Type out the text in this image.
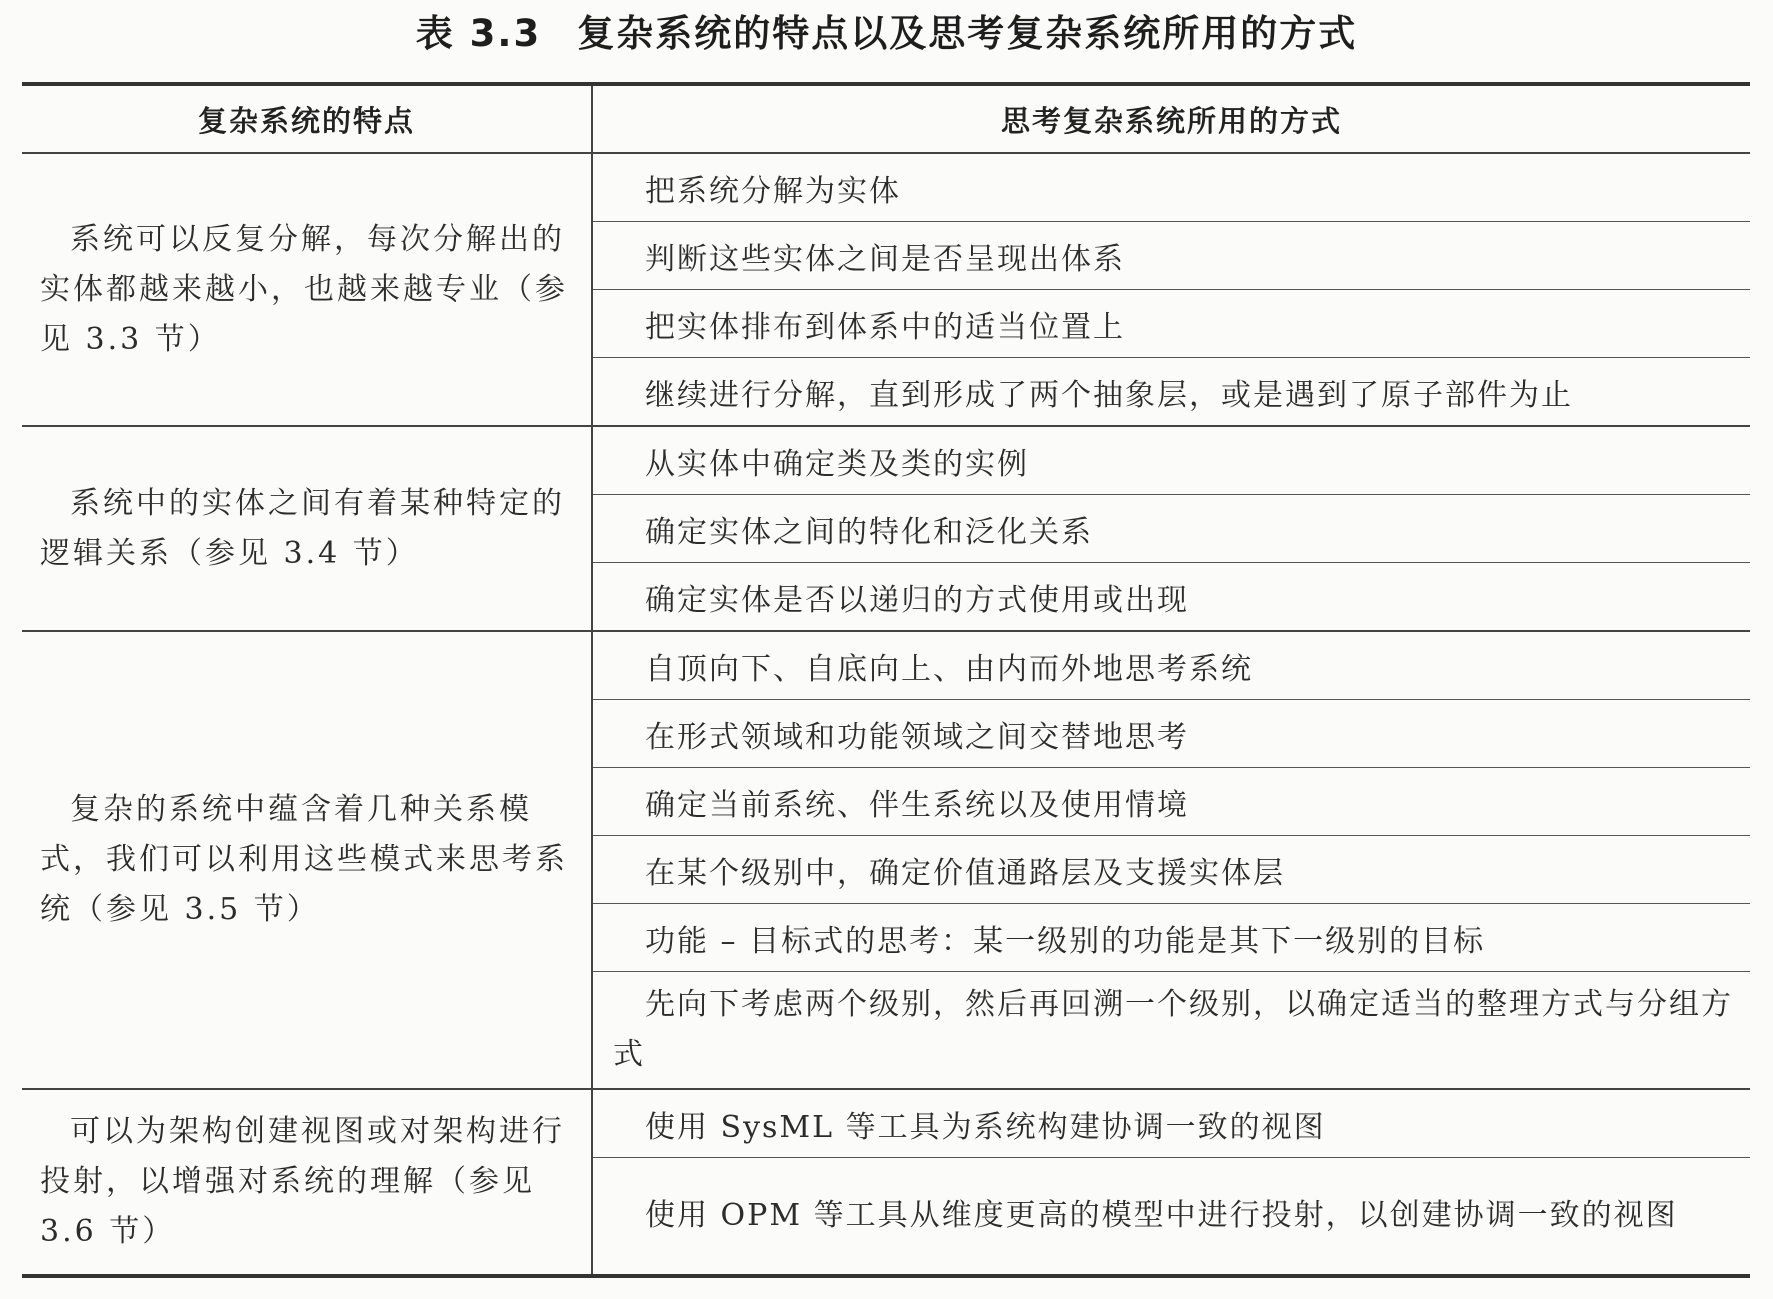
表 3.3 复杂系统的特点以及思考复杂系统所用的方式
复杂系统的特点	思考复杂系统所用的方式
系统可以反复分解，每次分解出的实体都越来越小，也越来越专业（参见 3.3 节）	把系统分解为实体
	判断这些实体之间是否呈现出体系
	把实体排布到体系中的适当位置上
	继续进行分解，直到形成了两个抽象层，或是遇到了原子部件为止
系统中的实体之间有着某种特定的逻辑关系（参见 3.4 节）	从实体中确定类及类的实例
	确定实体之间的特化和泛化关系
	确定实体是否以递归的方式使用或出现
复杂的系统中蕴含着几种关系模式，我们可以利用这些模式来思考系统（参见 3.5 节）	自顶向下、自底向上、由内而外地思考系统
	在形式领域和功能领域之间交替地思考
	确定当前系统、伴生系统以及使用情境
	在某个级别中，确定价值通路层及支援实体层
	功能 – 目标式的思考：某一级别的功能是其下一级别的目标
	先向下考虑两个级别，然后再回溯一个级别，以确定适当的整理方式与分组方式
可以为架构创建视图或对架构进行投射，以增强对系统的理解（参见 3.6 节）	使用 SysML 等工具为系统构建协调一致的视图
	使用 OPM 等工具从维度更高的模型中进行投射，以创建协调一致的视图
